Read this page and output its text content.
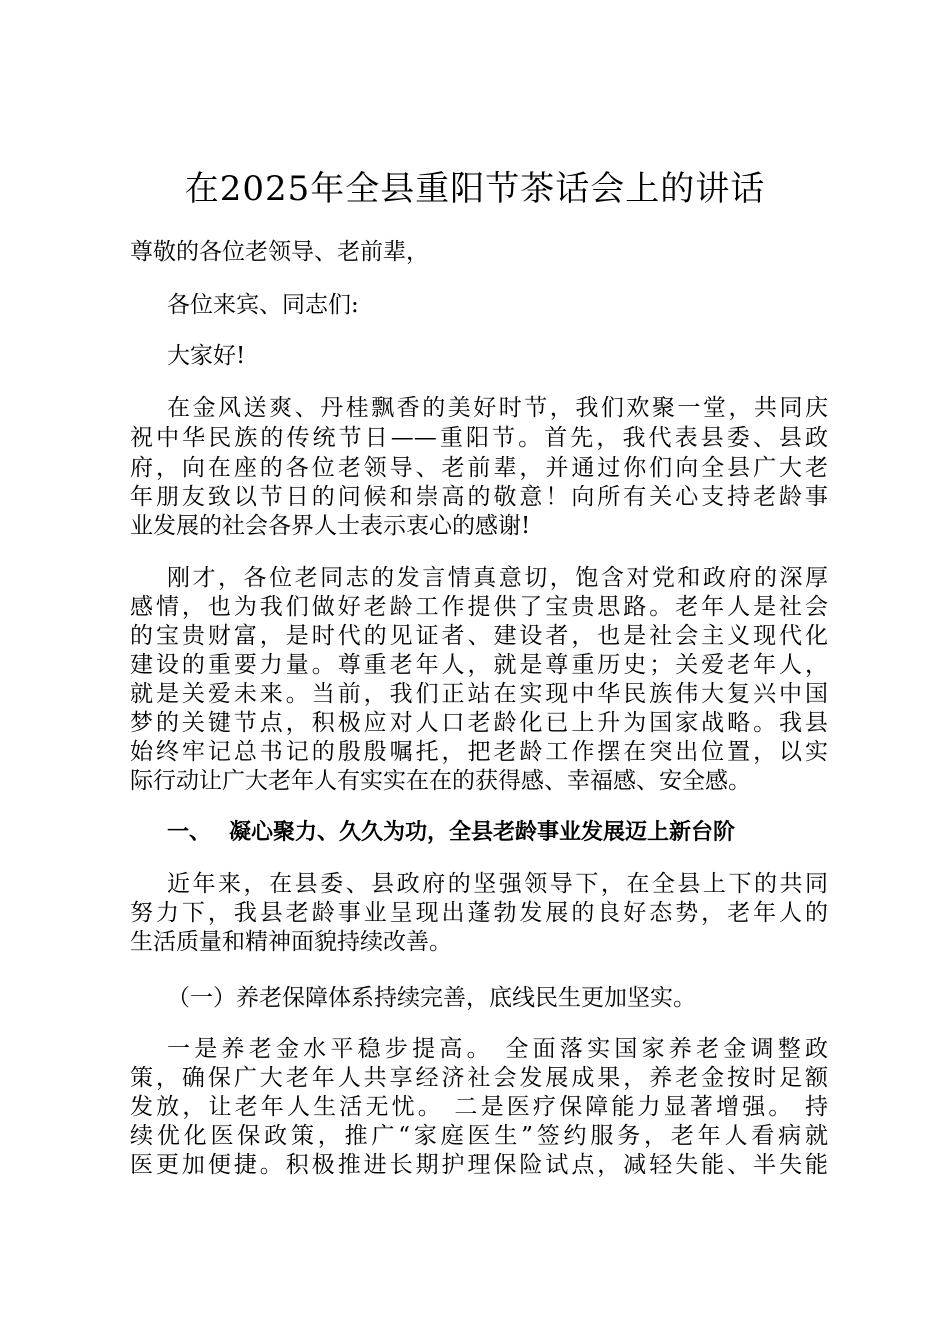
在2025年全县重阳节茶话会上的讲话
尊敬的各位老领导、老前辈，
各位来宾、同志们:
大家好!
在金风送爽、丹桂飘香的美好时节，我们欢聚一堂，共同庆
祝中华民族的传统节日——重阳节。首先，我代表县委、县政
府，向在座的各位老领导、老前辈，并通过你们向全县广大老
年朋友致以节日的问候和崇高的敬意！向所有关心支持老龄事
业发展的社会各界人士表示衷心的感谢!
刚才，各位老同志的发言情真意切，饱含对党和政府的深厚
感情，也为我们做好老龄工作提供了宝贵思路。老年人是社会
的宝贵财富，是时代的见证者、建设者，也是社会主义现代化
建设的重要力量。尊重老年人，就是尊重历史；关爱老年人，
就是关爱未来。当前，我们正站在实现中华民族伟大复兴中国
梦的关键节点，积极应对人口老龄化已上升为国家战略。我县
始终牢记总书记的殷殷嘱托，把老龄工作摆在突出位置，以实
际行动让广大老年人有实实在在的获得感、幸福感、安全感。
一、 凝心聚力、久久为功，全县老龄事业发展迈上新台阶
近年来，在县委、县政府的坚强领导下，在全县上下的共同
努力下，我县老龄事业呈现出蓬勃发展的良好态势，老年人的
生活质量和精神面貌持续改善。
（一）养老保障体系持续完善，底线民生更加坚实。
一是养老金水平稳步提高。 全面落实国家养老金调整政
策，确保广大老年人共享经济社会发展成果，养老金按时足额
发放，让老年人生活无忧。 二是医疗保障能力显著增强。 持
续优化医保政策，推广“家庭医生”签约服务，老年人看病就
医更加便捷。积极推进长期护理保险试点，减轻失能、半失能
